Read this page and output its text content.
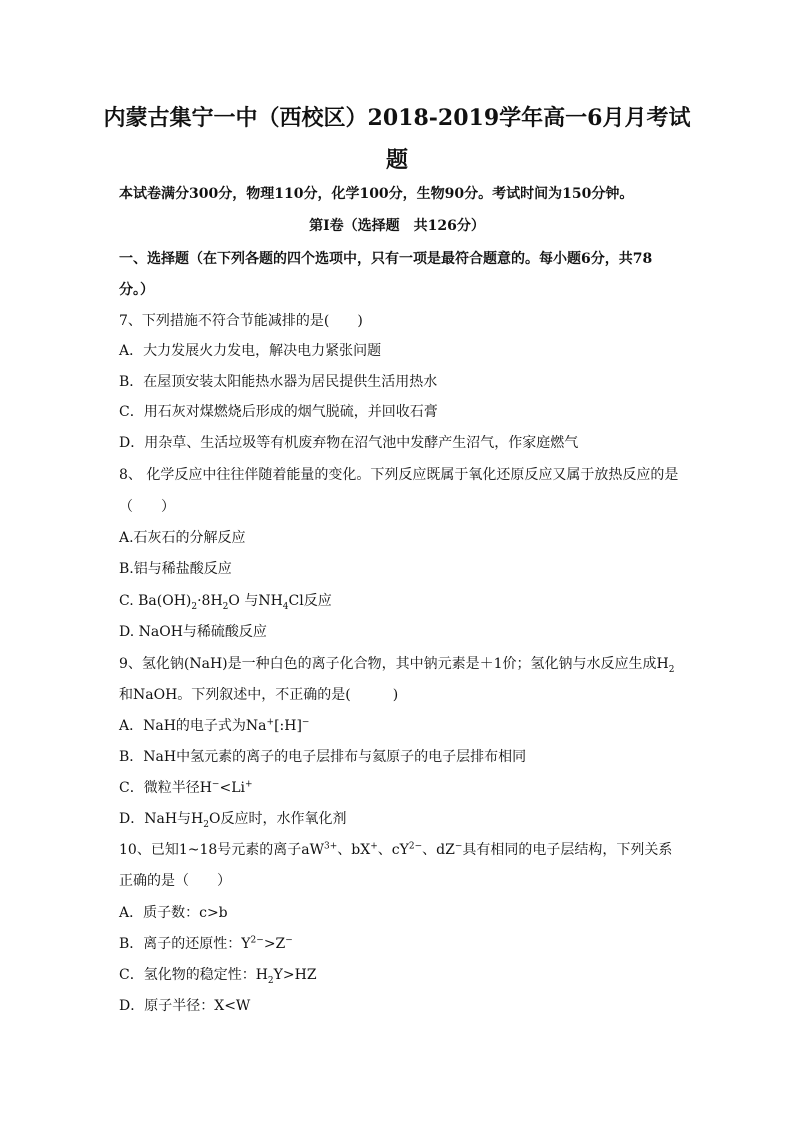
内蒙古集宁一中（西校区）2018-2019学年高一6月月考试
题
本试卷满分300分，物理110分，化学100分，生物90分。考试时间为150分钟。
第I卷（选择题　共126分）
一、选择题（在下列各题的四个选项中，只有一项是最符合题意的。每小题6分，共78
分。）
7、下列措施不符合节能减排的是(　　)
A．大力发展火力发电，解决电力紧张问题
B．在屋顶安装太阳能热水器为居民提供生活用热水
C．用石灰对煤燃烧后形成的烟气脱硫，并回收石膏
D．用杂草、生活垃圾等有机废弃物在沼气池中发酵产生沼气，作家庭燃气
8、 化学反应中往往伴随着能量的变化。下列反应既属于氧化还原反应又属于放热反应的是
（　　）
A.石灰石的分解反应
B.铝与稀盐酸反应
C. $Ba(OH)_2\cdot 8H_2O$ 与$NH_4Cl$反应
D. NaOH与稀硫酸反应
9、氢化钠(NaH)是一种白色的离子化合物，其中钠元素是＋1价；氢化钠与水反应生成$H_2$
和NaOH。下列叙述中，不正确的是(　　　)
A．NaH的电子式为Na+[:H]−
B．NaH中氢元素的离子的电子层排布与氦原子的电子层排布相同
C．微粒半径H−<Li+
D．NaH与$H_2O$反应时，水作氧化剂
10、已知1~18号元素的离子$aW^{3+}$、bX+、$cY^{2-}$、dZ−具有相同的电子层结构，下列关系
正确的是（　　）
A．质子数：c>b
B．离子的还原性：$Y^{2-}>Z^-$
C．氢化物的稳定性：$H_2Y>HZ$
D．原子半径：X<W
